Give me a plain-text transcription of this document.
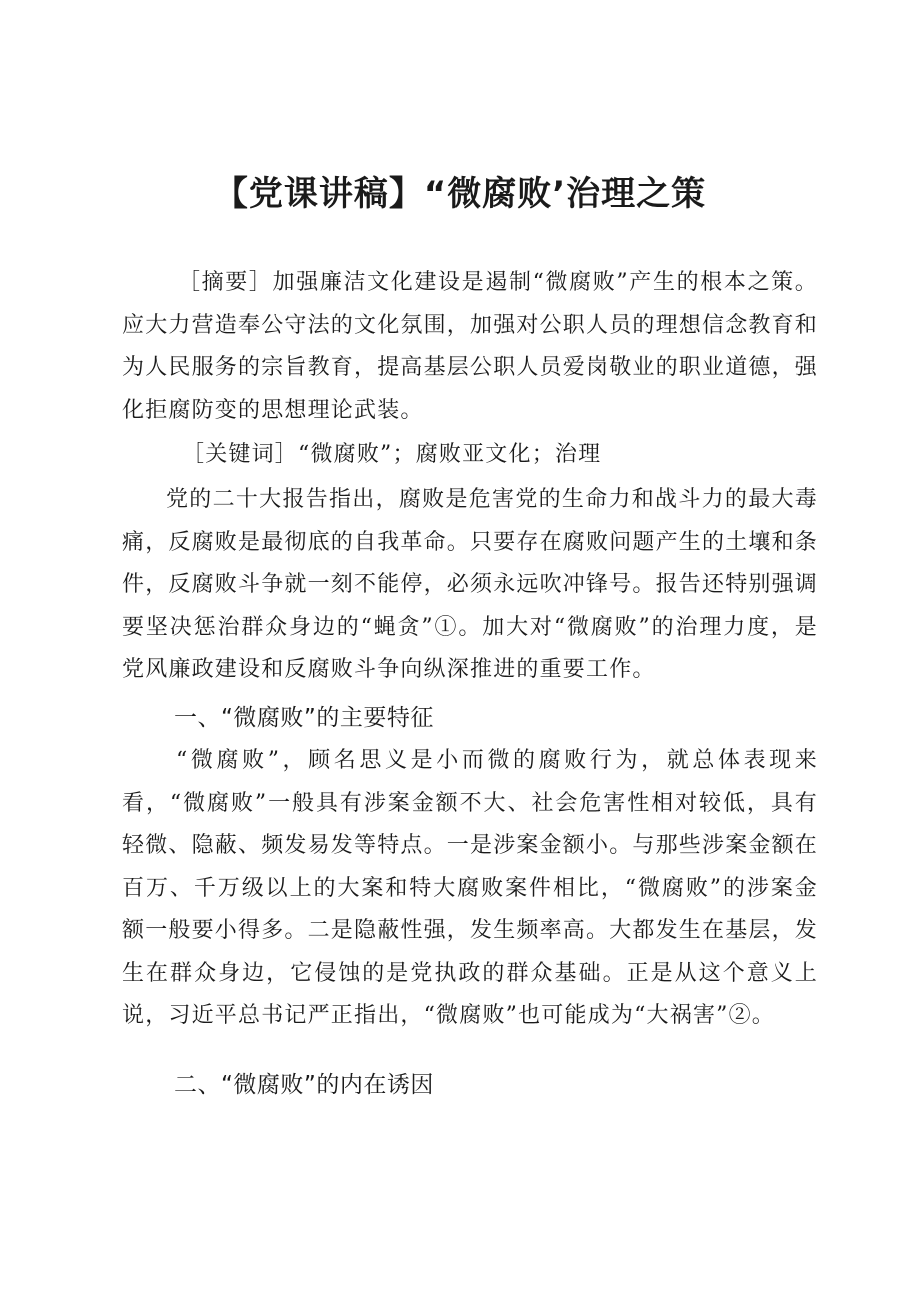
【党课讲稿】“微腐败’治理之策
［摘要］加强廉洁文化建设是遏制“微腐败”产生的根本之策。应大力营造奉公守法的文化氛围，加强对公职人员的理想信念教育和为人民服务的宗旨教育，提高基层公职人员爱岗敬业的职业道德，强化拒腐防变的思想理论武装。
［关键词］“微腐败”；腐败亚文化；治理
党的二十大报告指出，腐败是危害党的生命力和战斗力的最大毒痛，反腐败是最彻底的自我革命。只要存在腐败问题产生的土壤和条件，反腐败斗争就一刻不能停，必须永远吹冲锋号。报告还特别强调要坚决惩治群众身边的“蝇贪”①。加大对“微腐败”的治理力度，是党风廉政建设和反腐败斗争向纵深推进的重要工作。
一、“微腐败”的主要特征
“微腐败”，顾名思义是小而微的腐败行为，就总体表现来看，“微腐败”一般具有涉案金额不大、社会危害性相对较低，具有轻微、隐蔽、频发易发等特点。一是涉案金额小。与那些涉案金额在百万、千万级以上的大案和特大腐败案件相比，“微腐败”的涉案金额一般要小得多。二是隐蔽性强，发生频率高。大都发生在基层，发生在群众身边，它侵蚀的是党执政的群众基础。正是从这个意义上说，习近平总书记严正指出，“微腐败”也可能成为“大祸害”②。
二、“微腐败”的内在诱因
